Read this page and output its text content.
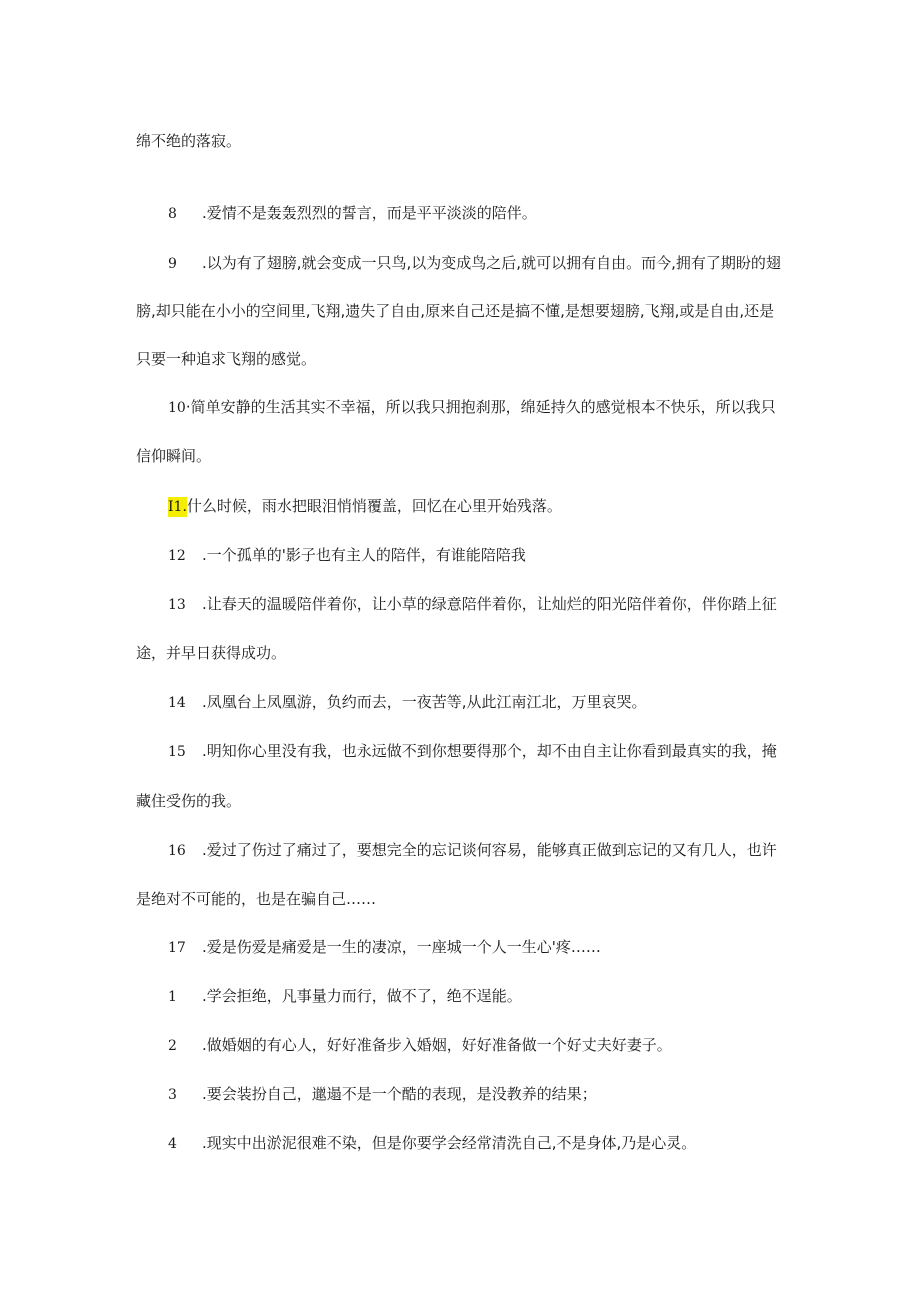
绵不绝的落寂。
8 .爱情不是轰轰烈烈的誓言，而是平平淡淡的陪伴。
9 .以为有了翅膀,就会变成一只鸟,以为变成鸟之后,就可以拥有自由。而今,拥有了期盼的翅
膀,却只能在小小的空间里,飞翔,遗失了自由,原来自己还是搞不懂,是想要翅膀,飞翔,或是自由,还是
只要一种追求飞翔的感觉。
10·简单安静的生活其实不幸福，所以我只拥抱刹那，绵延持久的感觉根本不快乐，所以我只
信仰瞬间。
I1.什么时候，雨水把眼泪悄悄覆盖，回忆在心里开始残落。
12 .一个孤单的'影子也有主人的陪伴，有谁能陪陪我
13 .让春天的温暖陪伴着你，让小草的绿意陪伴着你，让灿烂的阳光陪伴着你，伴你踏上征
途，并早日获得成功。
14 .凤凰台上凤凰游，负约而去，一夜苦等,从此江南江北，万里哀哭。
15 .明知你心里没有我，也永远做不到你想要得那个，却不由自主让你看到最真实的我，掩
藏住受伤的我。
16 .爱过了伤过了痛过了，要想完全的忘记谈何容易，能够真正做到忘记的又有几人，也许
是绝对不可能的，也是在骗自己……
17 .爱是伤爱是痛爱是一生的凄凉，一座城一个人一生心'疼……
1 .学会拒绝，凡事量力而行，做不了，绝不逞能。
2 .做婚姻的有心人，好好准备步入婚姻，好好准备做一个好丈夫好妻子。
3 .要会装扮自己，邋遢不是一个酷的表现，是没教养的结果；
4 .现实中出淤泥很难不染，但是你要学会经常清洗自己,不是身体,乃是心灵。
